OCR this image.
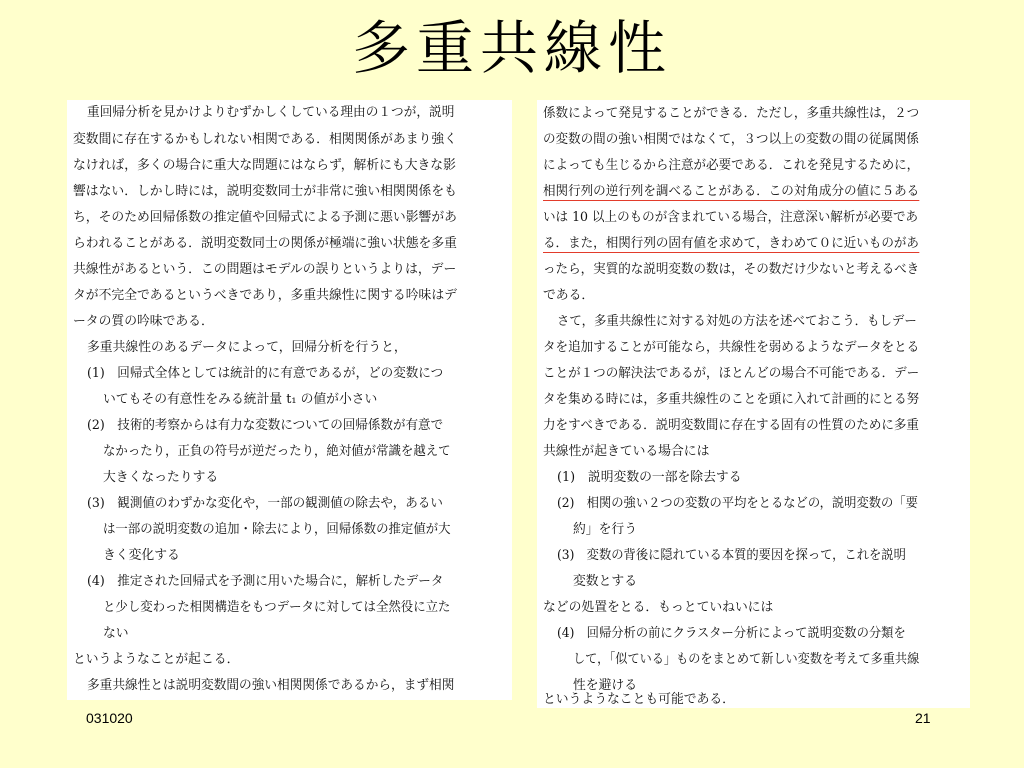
多重共線性
重回帰分析を見かけよりむずかしくしている理由の１つが，説明
変数間に存在するかもしれない相関である．相関関係があまり強く
なければ，多くの場合に重大な問題にはならず，解析にも大きな影
響はない．しかし時には，説明変数同士が非常に強い相関関係をも
ち，そのため回帰係数の推定値や回帰式による予測に悪い影響があ
らわれることがある．説明変数同士の関係が極端に強い状態を多重
共線性があるという．この問題はモデルの誤りというよりは，デー
タが不完全であるというべきであり，多重共線性に関する吟味はデ
ータの質の吟味である．
多重共線性のあるデータによって，回帰分析を行うと，
(1)　回帰式全体としては統計的に有意であるが，どの変数につ
いてもその有意性をみる統計量 t₁ の値が小さい
(2)　技術的考察からは有力な変数についての回帰係数が有意で
なかったり，正負の符号が逆だったり，絶対値が常識を越えて
大きくなったりする
(3)　観測値のわずかな変化や，一部の観測値の除去や，あるい
は一部の説明変数の追加・除去により，回帰係数の推定値が大
きく変化する
(4)　推定された回帰式を予測に用いた場合に，解析したデータ
と少し変わった相関構造をもつデータに対しては全然役に立た
ない
というようなことが起こる．
多重共線性とは説明変数間の強い相関関係であるから，まず相関
係数によって発見することができる．ただし，多重共線性は，２つ
の変数の間の強い相関ではなくて，３つ以上の変数の間の従属関係
によっても生じるから注意が必要である．これを発見するために，
相関行列の逆行列を調べることがある．この対角成分の値に５ある
いは 10 以上のものが含まれている場合，注意深い解析が必要であ
る．また，相関行列の固有値を求めて，きわめて０に近いものがあ
ったら，実質的な説明変数の数は，その数だけ少ないと考えるべき
である．
さて，多重共線性に対する対処の方法を述べておこう．もしデー
タを追加することが可能なら，共線性を弱めるようなデータをとる
ことが１つの解決法であるが，ほとんどの場合不可能である．デー
タを集める時には，多重共線性のことを頭に入れて計画的にとる努
力をすべきである．説明変数間に存在する固有の性質のために多重
共線性が起きている場合には
(1)　説明変数の一部を除去する
(2)　相関の強い２つの変数の平均をとるなどの，説明変数の「要
約」を行う
(3)　変数の背後に隠れている本質的要因を探って，これを説明
変数とする
などの処置をとる．もっとていねいには
(4)　回帰分析の前にクラスター分析によって説明変数の分類を
して，「似ている」ものをまとめて新しい変数を考えて多重共線
性を避ける
というようなことも可能である．
031020	21
